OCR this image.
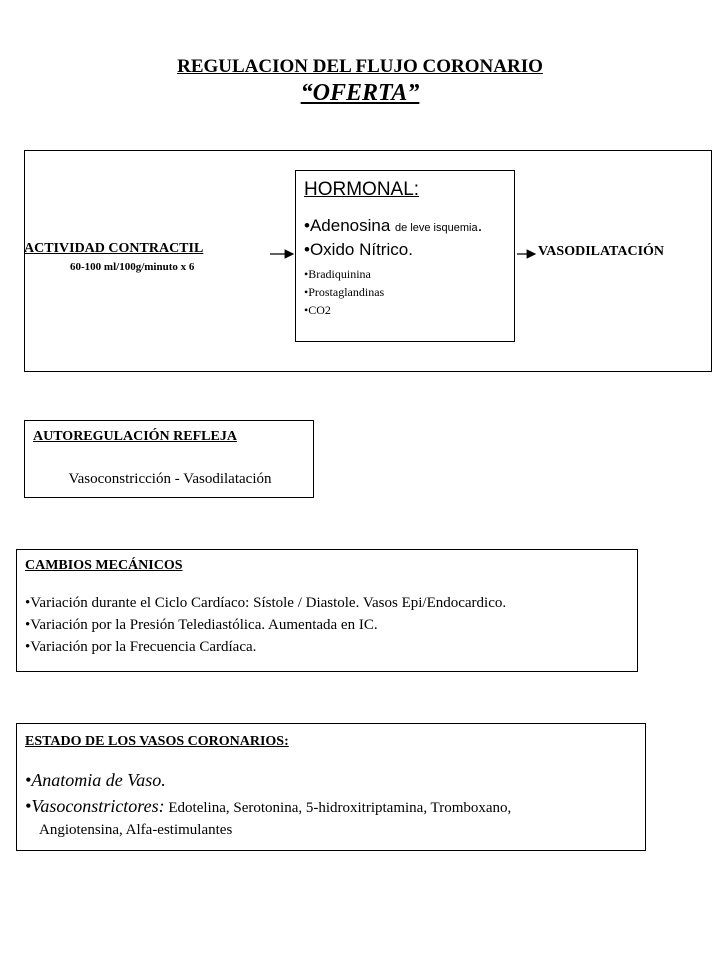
REGULACION DEL FLUJO CORONARIO
“OFERTA”
ACTIVIDAD CONTRACTIL
60-100 ml/100g/minuto x 6
VASODILATACIÓN
HORMONAL:
•Adenosina de leve isquemia.
•Oxido Nítrico.
•Bradiquinina
•Prostaglandinas
•CO2
AUTOREGULACIÓN REFLEJA
Vasoconstricción - Vasodilatación
CAMBIOS MECÁNICOS
•Variación durante el Ciclo Cardíaco: Sístole / Diastole. Vasos Epi/Endocardico.
•Variación por la Presión Telediastólica. Aumentada en IC.
•Variación por la Frecuencia Cardíaca.
ESTADO DE LOS VASOS CORONARIOS:
•Anatomia de Vaso.
•Vasoconstrictores: Edotelina, Serotonina, 5-hidroxitriptamina, Tromboxano,
Angiotensina, Alfa-estimulantes
